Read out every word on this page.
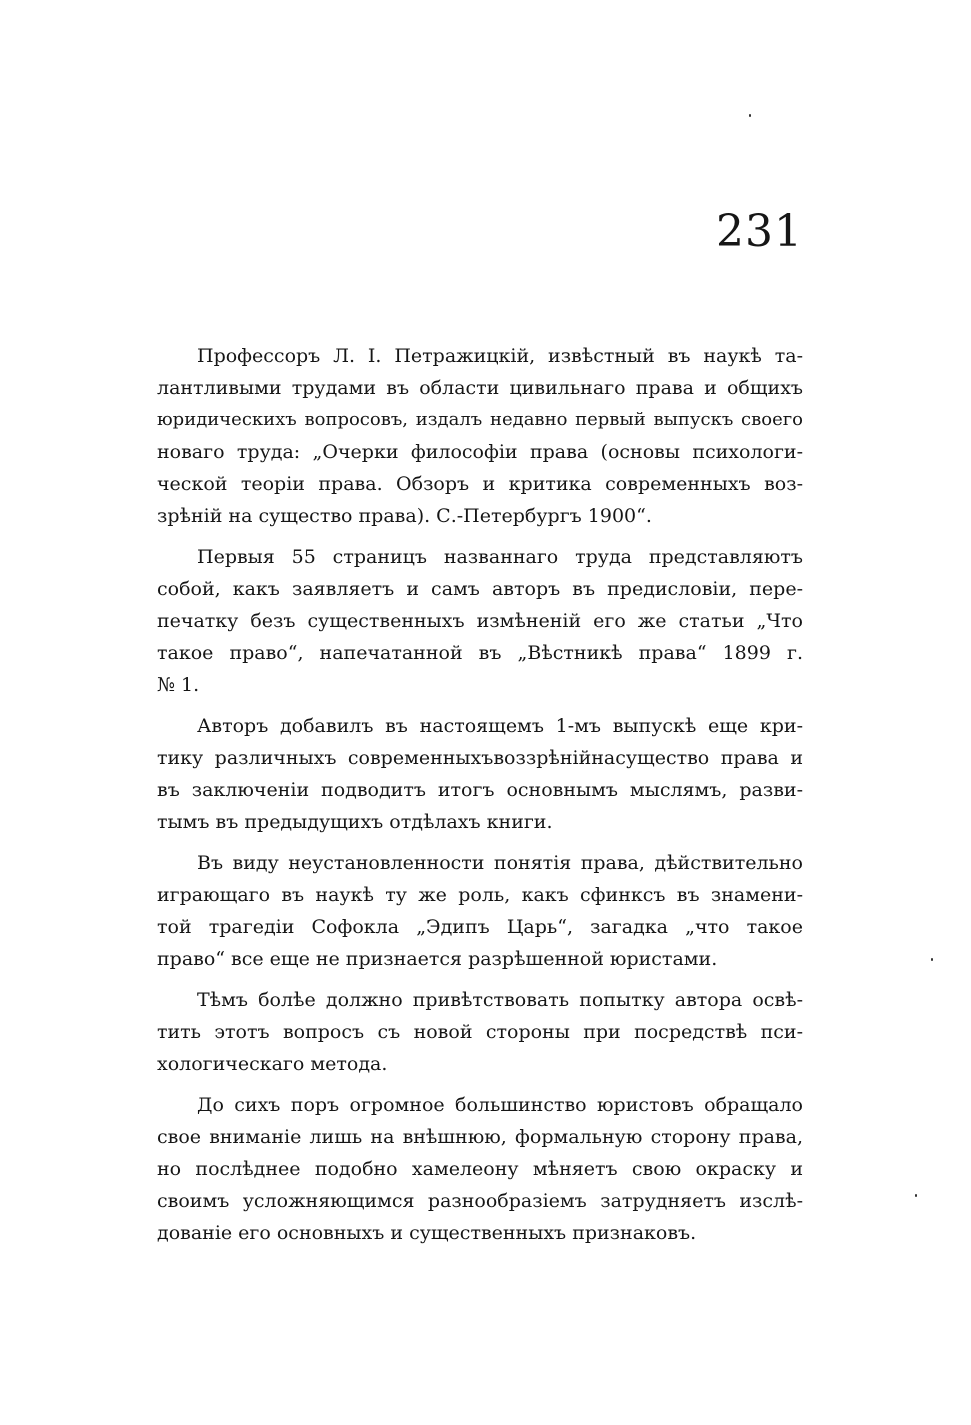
231
Профессоръ Л. I. Петражицкiй, извѣстный въ наукѣ та-
лантливыми трудами въ области цивильнаго права и общихъ
юридическихъ вопросовъ, издалъ недавно первый выпускъ своего
новаго труда: „Очерки философiи права (основы психологи-
ческой теорiи права. Обзоръ и критика современныхъ воз-
зрѣнiй на существо права). С.-Петербургъ 1900“.
Первыя 55 страницъ названнаго труда представляютъ
собой, какъ заявляетъ и самъ авторъ въ предисловiи, пере-
печатку безъ существенныхъ измѣненiй его же статьи „Что
такое право“, напечатанной въ „Вѣстникѣ права“ 1899 г.
№ 1.
Авторъ добавилъ въ настоящемъ 1-мъ выпускѣ еще кри-
тику различныхъ современныхъвоззрѣнiйнасущество права и
въ заключенiи подводитъ итогъ основнымъ мыслямъ, разви-
тымъ въ предыдущихъ отдѣлахъ книги.
Въ виду неустановленности понятiя права, дѣйствительно
играющаго въ наукѣ ту же роль, какъ сфинксъ въ знамени-
той трагедiи Софокла „Эдипъ Царь“, загадка „что такое
право“ все еще не признается разрѣшенной юристами.
Тѣмъ болѣе должно привѣтствовать попытку автора освѣ-
тить этотъ вопросъ съ новой стороны при посредствѣ пси-
хологическаго метода.
До сихъ поръ огромное большинство юристовъ обращало
свое вниманiе лишь на внѣшнюю, формальную сторону права,
но послѣднее подобно хамелеону мѣняетъ свою окраску и
своимъ усложняющимся разнообразiемъ затрудняетъ изслѣ-
дованiе его основныхъ и существенныхъ признаковъ.
